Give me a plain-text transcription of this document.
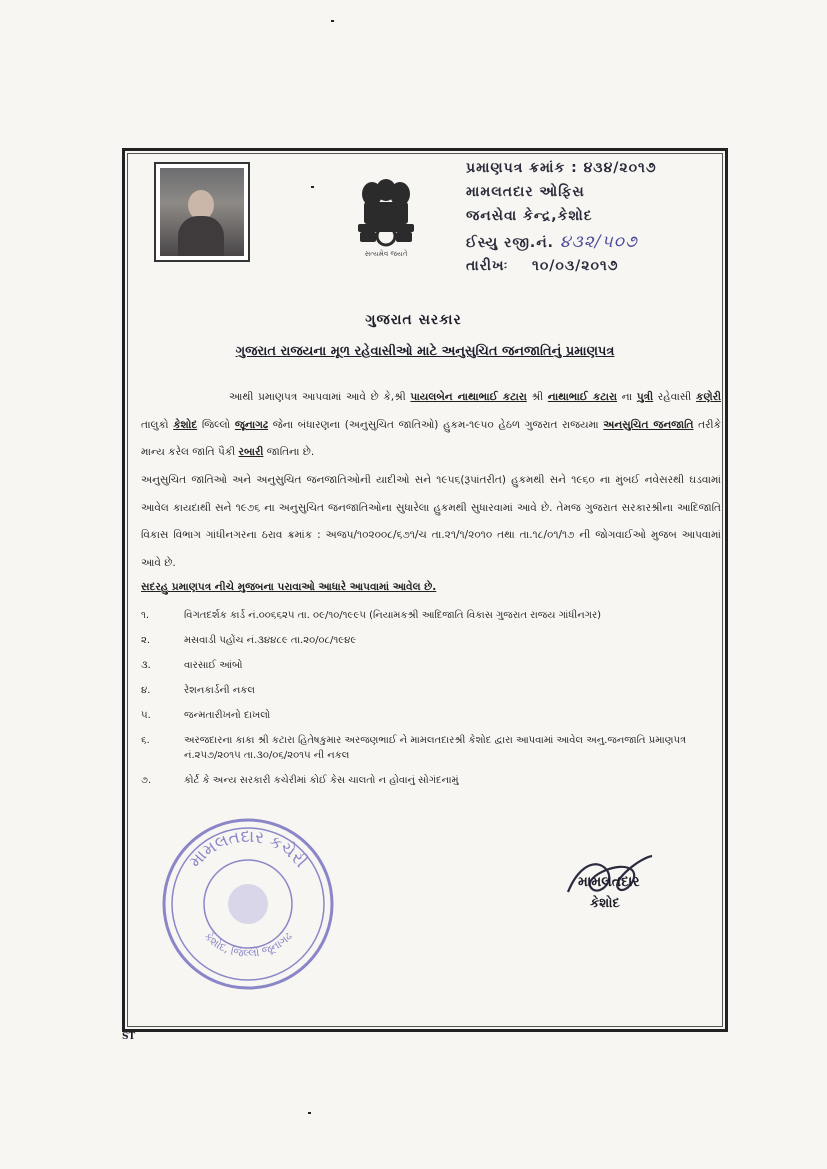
સત્યમેવ જયતે
પ્રમાણપત્ર ક્રમાંક : ૪૩૪/૨૦૧૭
મામલતદાર ઓફિસ
જનસેવા કેન્દ્ર,કેશોદ
ઈસ્યુ રજી.નં. ૪૩૨/૫૦૭
તારીખઃ ૧૦/૦૩/૨૦૧૭
ગુજરાત સરકાર
ગુજરાત રાજયના મૂળ રહેવાસીઓ માટે અનુસુચિત જનજાતિનું પ્રમાણપત્ર
આથી પ્રમાણપત્ર આપવામાં આવે છે કે,શ્રી પાયલબેન નાથાભાઈ કટારા શ્રી નાથાભાઈ કટારા ના પુત્રી રહેવાસી કણેરી તાલુકો કેશોદ જિલ્લો જૂનાગઢ જેના બંધારણના (અનુસુચિત જાતિઓ) હુકમ-૧૯૫૦ હેઠળ ગુજરાત રાજયમા અનસુચિત જનજાતિ તરીકે માન્ય કરેલ જાતિ પૈકી રબારી જાતિના છે.
અનુસુચિત જાતિઓ અને અનુસુચિત જનજાતિઓની યાદીઓ સને ૧૯૫૬(રૂપાંતરીત) હુકમથી સને ૧૯૬૦ ના મુંબઈ નવેસરથી ઘડવામાં આવેલ કાયદાથી સને ૧૯૭૬ ના અનુસુચિત જનજાતિઓના સુધારેલા હુકમથી સુધારવામાં આવે છે. તેમજ ગુજરાત સરકારશ્રીના આદિજાતિ વિકાસ વિભાગ ગાંધીનગરના ઠરાવ ક્રમાંક : અજપ/૧૦૨૦૦૮/૬૭૧/ચ તા.૨૧/૧/૨૦૧૦ તથા તા.૧૮/૦૧/૧૭ ની જોગવાઈઓ મુજબ આપવામાં આવે છે.
સદરહુ પ્રમાણપત્ર નીચે મુજબના પરાવાઓ આધારે આપવામાં આવેલ છે.
૧.	વિગતદર્શક કાર્ડ નં.૦૦૬૬૨૫ તા. ૦૯/૧૦/૧૯૯૫ (નિયામકશ્રી આદિજાતિ વિકાસ ગુજરાત રાજય ગાંધીનગર)
૨.	મસવાડી પહોંચ નં.૩૪૪૮૯ તા.૨૦/૦૮/૧૯૪૯
૩.	વારસાઈ આંબો
૪.	રેશનકાર્ડની નકલ
૫.	જન્મતારીખનો દાખલો
૬.	અરજદારના કાકા શ્રી કટારા હિતેષકુમાર અરજણભાઈ ને મામલતદારશ્રી કેશોદ દ્વારા આપવામાં આવેલ અનુ.જનજાતિ પ્રમાણપત્ર નં.૨૫૭/૨૦૧૫ તા.૩૦/૦૬/૨૦૧૫ ની નકલ
૭.	કોર્ટ કે અન્ય સરકારી કચેરીમાં કોઈ કેસ ચાલતો ન હોવાનું સોગંદનામું
મામલતદાર કચેરી
કેશોદ, જિલ્લો જૂનાગઢ
મામલતદાર
કેશોદ
ST
